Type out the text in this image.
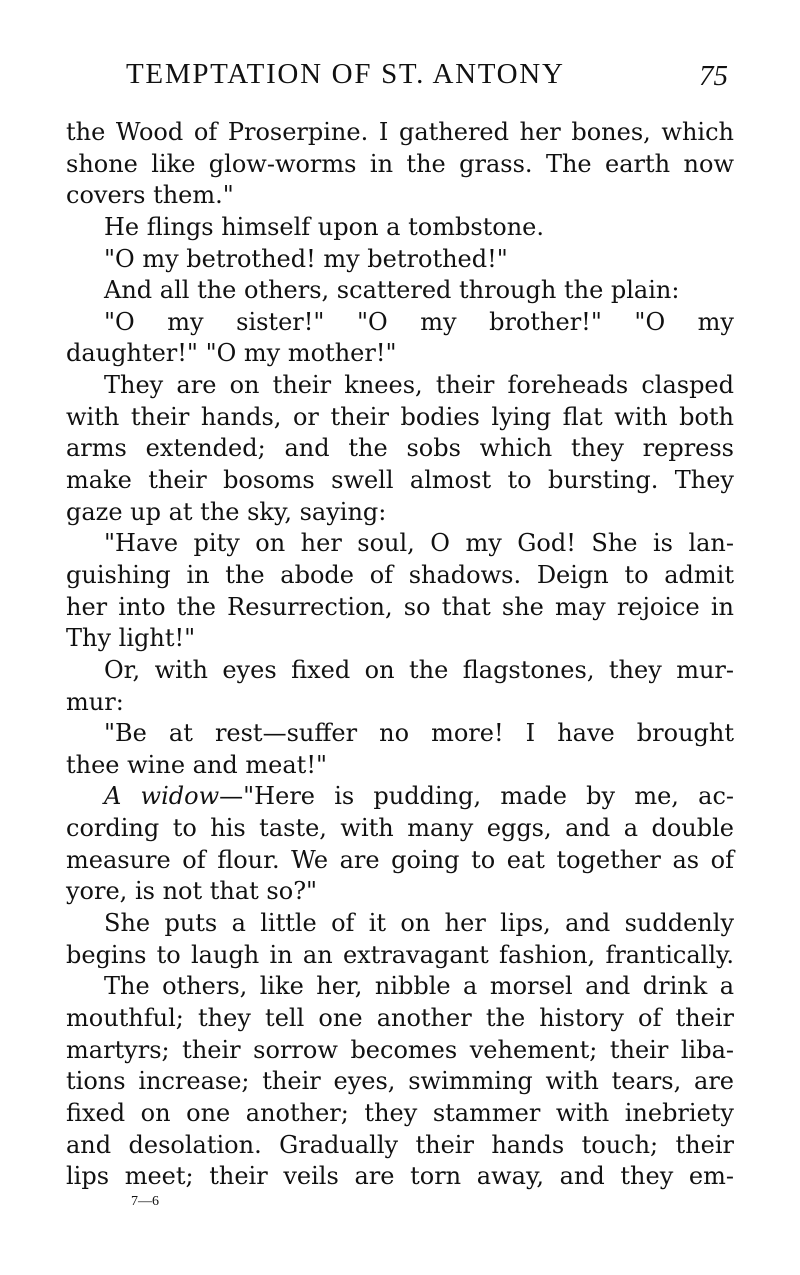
TEMPTATION OF ST. ANTONY	75
the Wood of Proserpine. I gathered her bones, which
shone like glow-worms in the grass. The earth now
covers them."
He flings himself upon a tombstone.
"O my betrothed! my betrothed!"
And all the others, scattered through the plain:
"O my sister!" "O my brother!" "O my
daughter!" "O my mother!"
They are on their knees, their foreheads clasped
with their hands, or their bodies lying flat with both
arms extended; and the sobs which they repress
make their bosoms swell almost to bursting. They
gaze up at the sky, saying:
"Have pity on her soul, O my God! She is lan-
guishing in the abode of shadows. Deign to admit
her into the Resurrection, so that she may rejoice in
Thy light!"
Or, with eyes fixed on the flagstones, they mur-
mur:
"Be at rest—suffer no more! I have brought
thee wine and meat!"
A widow—"Here is pudding, made by me, ac-
cording to his taste, with many eggs, and a double
measure of flour. We are going to eat together as of
yore, is not that so?"
She puts a little of it on her lips, and suddenly
begins to laugh in an extravagant fashion, frantically.
The others, like her, nibble a morsel and drink a
mouthful; they tell one another the history of their
martyrs; their sorrow becomes vehement; their liba-
tions increase; their eyes, swimming with tears, are
fixed on one another; they stammer with inebriety
and desolation. Gradually their hands touch; their
lips meet; their veils are torn away, and they em-
7—6
